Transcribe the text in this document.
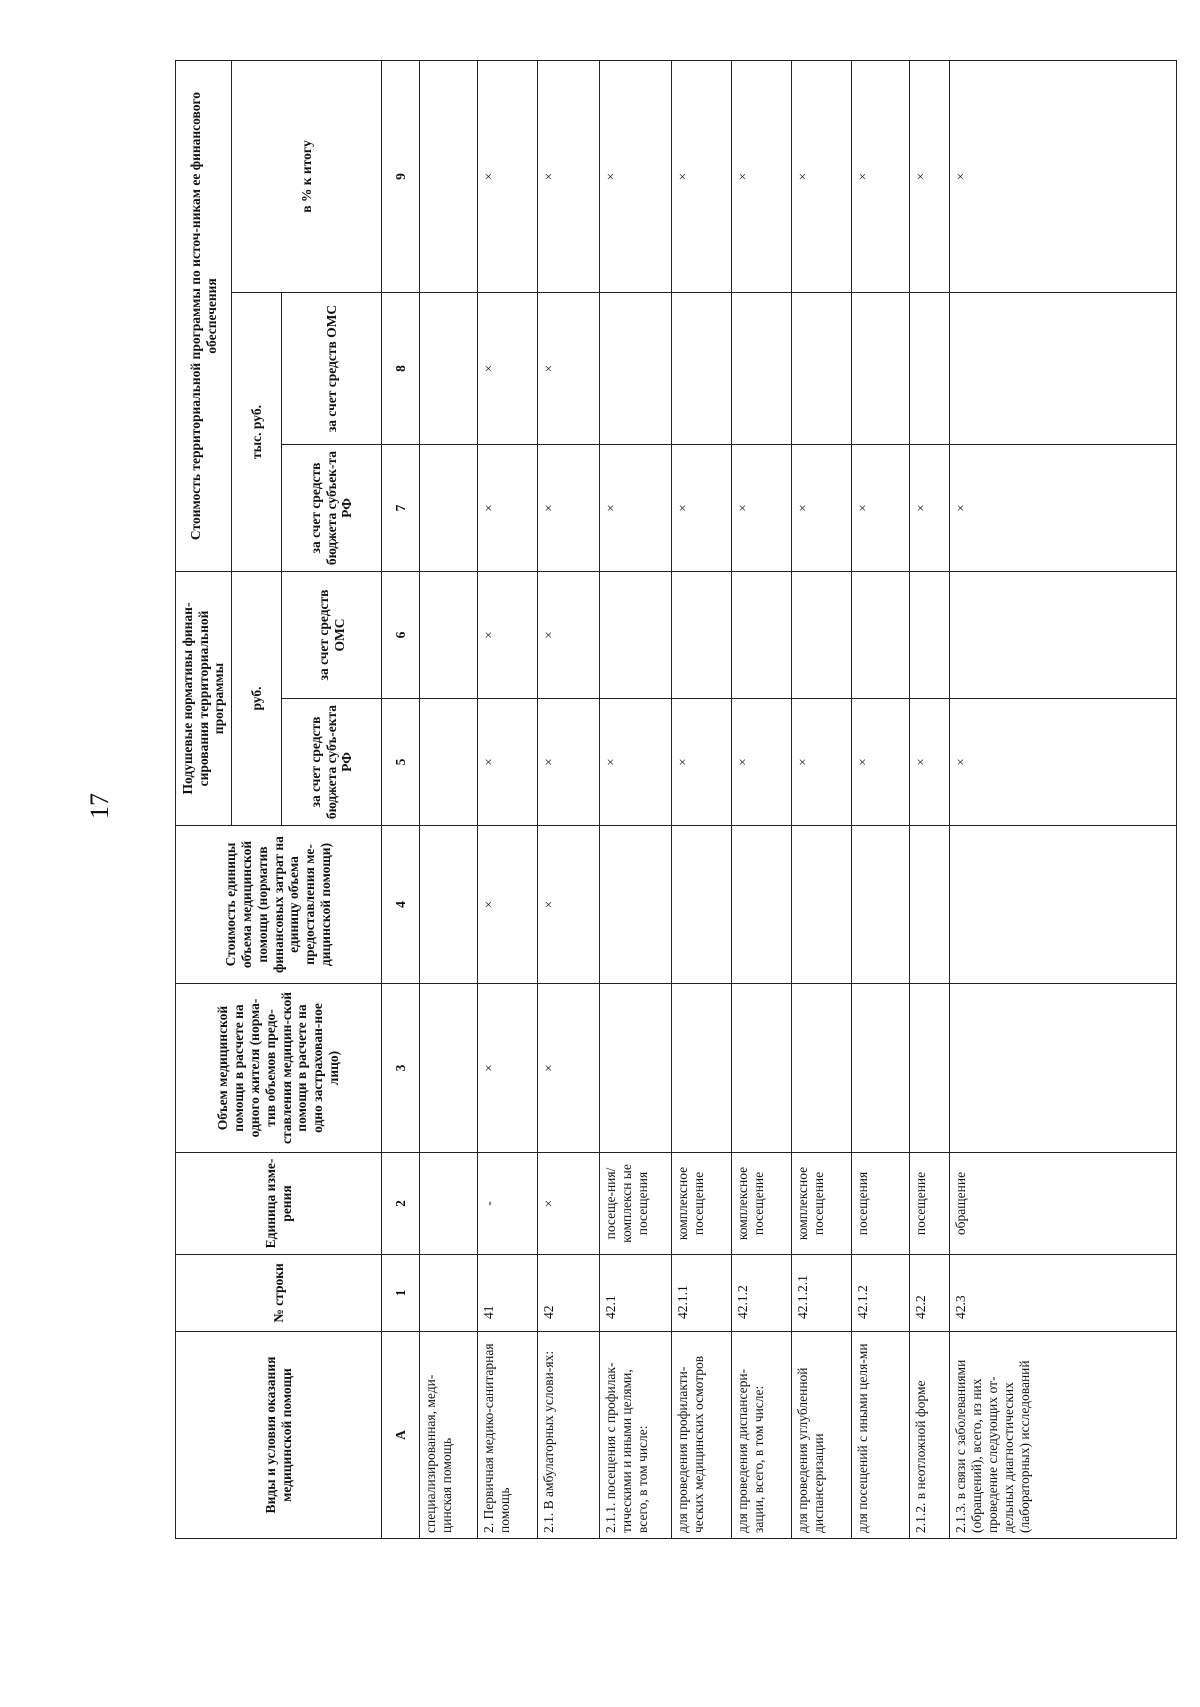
17
Виды и условия оказания медицинской помощи	№ строки	Единица изме-рения	Объем медицинской помощи в расчете на одного жителя (норма-тив объемов предо-ставления медицин-ской помощи в расчете на одно застрахован-ное лицо)	Стоимость единицы объема медицинской помощи (норматив финансовых затрат на единицу объема предоставления ме-дицинской помощи)	Подушевые нормативы финан-сирования территориальной программы		Стоимость территориальной программы по источ-никам ее финансового обеспечения		
					руб.		тыс. руб.		в % к итогу
					за счет средств бюджета субъ-екта РФ	за счет средств ОМС	за счет средств бюджета субъек-та РФ	за счет средств ОМС	
А	1	2	3	4	5	6	7	8	9
специализированная, меди-цинская помощь									
2. Первичная медико-санитарная помощь	41	-	×	×	×	×	×	×	×
2.1. В амбулаторных услови-ях:	42	×	×	×	×	×	×	×	×
2.1.1. посещения с профилак-тическими и иными целями, всего, в том числе:	42.1	посеще-ния/комплексн ые посещения			×		×		×
для проведения профилакти-ческих медицинских осмотров	42.1.1	комплексное посещение			×		×		×
для проведения диспансери-зации, всего, в том числе:	42.1.2	комплексное посещение			×		×		×
для проведения углубленной диспансеризации	42.1.2.1	комплексное посещение			×		×		×
для посещений с иными целя-ми	42.1.2	посещения			×		×		×
2.1.2. в неотложной форме	42.2	посещение			×		×		×
2.1.3. в связи с заболеваниями (обращений), всего, из них проведение следующих от-дельных диагностических (лабораторных) исследований	42.3	обращение			×		×		×
